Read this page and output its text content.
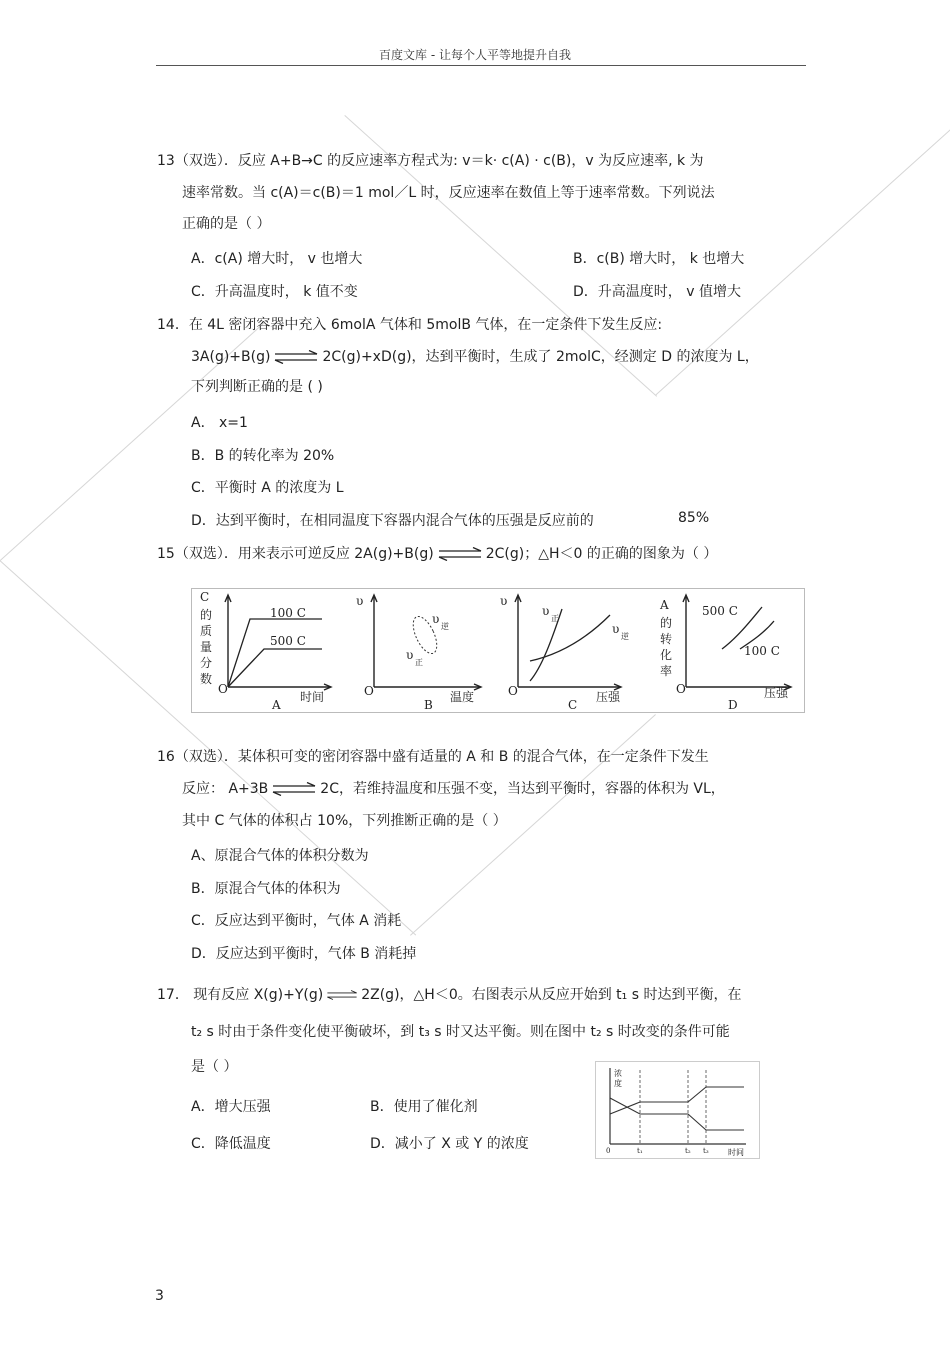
百度文库 - 让每个人平等地提升自我
13（双选）．反应 A+B→C 的反应速率方程式为: v＝k· c(A) · c(B)，v 为反应速率, k 为
速率常数。当 c(A)＝c(B)＝1 mol／L 时，反应速率在数值上等于速率常数。下列说法
正确的是（ ）
A．c(A) 增大时， v 也增大	B．c(B) 增大时， k 也增大
C．升高温度时， k 值不变	D．升高温度时， v 值增大
14．在 4L 密闭容器中充入 6molA 气体和 5molB 气体，在一定条件下发生反应:
3A(g)+B(g) ⇌ 2C(g)+xD(g)，达到平衡时，生成了 2molC，经测定 D 的浓度为 L，
下列判断正确的是 ( )
A． x=1
B．B 的转化率为 20%
C．平衡时 A 的浓度为 L
D．达到平衡时，在相同温度下容器内混合气体的压强是反应前的	85%
15（双选）．用来表示可逆反应 2A(g)+B(g) ⇌ 2C(g)；△H＜0 的正确的图象为（ ）
C
的
质
量
分
数
100 C
500 C
O
时间
A
υ
υ
逆
υ
正
O	温度
B
υ
υ
正
υ
逆
O	压强
C
A
的
转
化
率
500 C
100 C
O	压强
D
16（双选）．某体积可变的密闭容器中盛有适量的 A 和 B 的混合气体，在一定条件下发生
反应： A+3B ⇌ 2C，若维持温度和压强不变，当达到平衡时，容器的体积为 VL，
其中 C 气体的体积占 10%，下列推断正确的是（ ）
A、原混合气体的体积分数为
B．原混合气体的体积为
C．反应达到平衡时，气体 A 消耗
D．反应达到平衡时，气体 B 消耗掉
17． 现有反应 X(g)+Y(g) ⇌ 2Z(g)，△H＜0。右图表示从反应开始到 t₁ s 时达到平衡，在
t₂ s 时由于条件变化使平衡破坏，到 t₃ s 时又达平衡。则在图中 t₂ s 时改变的条件可能
是（ ）
A．增大压强	B．使用了催化剂
C．降低温度	D．减小了 X 或 Y 的浓度
浓
度
0	t₁	t₂ t₃ 时间
3
